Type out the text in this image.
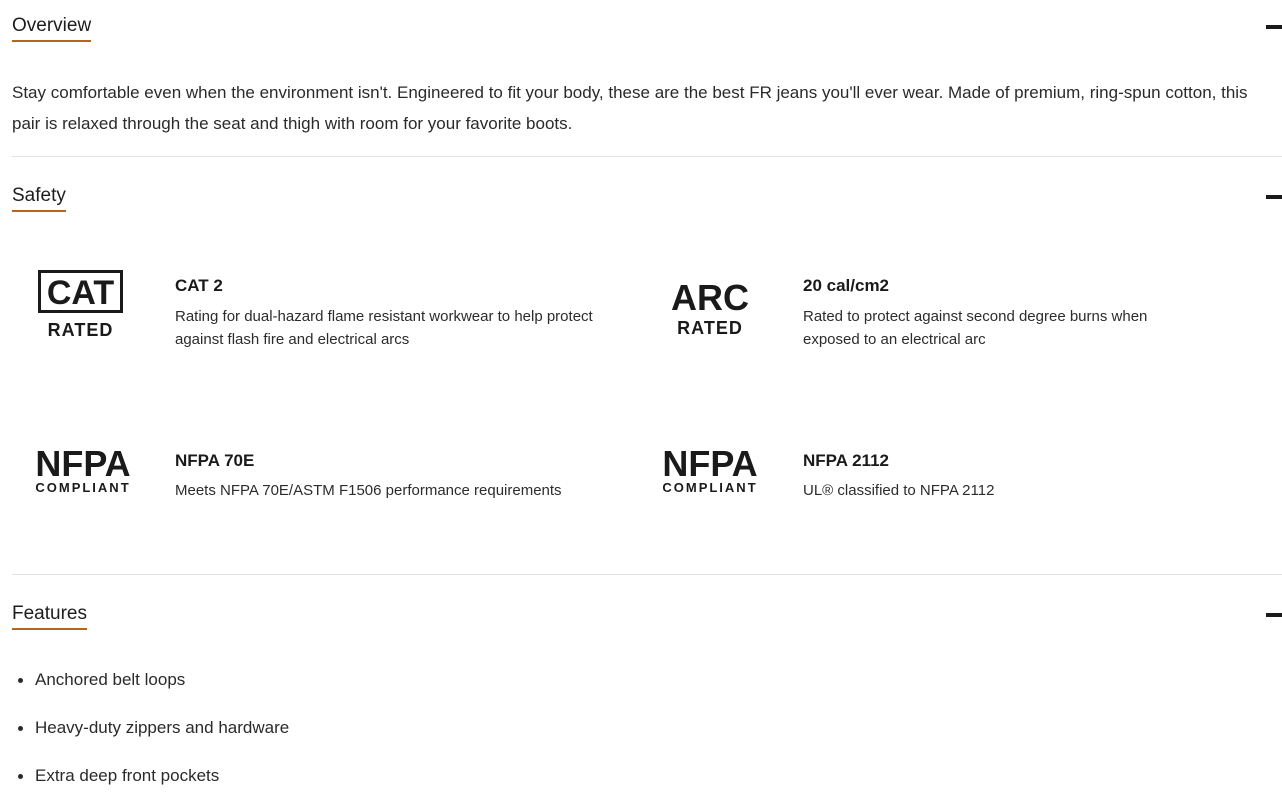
Overview
Stay comfortable even when the environment isn't. Engineered to fit your body, these are the best FR jeans you'll ever wear. Made of premium, ring-spun cotton, this pair is relaxed through the seat and thigh with room for your favorite boots.
Safety
CAT
RATED
CAT 2
Rating for dual-hazard flame resistant workwear to help protect against flash fire and electrical arcs
ARC
RATED
20 cal/cm2
Rated to protect against second degree burns when exposed to an electrical arc
NFPA
COMPLIANT
NFPA 70E
Meets NFPA 70E/ASTM F1506 performance requirements
NFPA
COMPLIANT
NFPA 2112
UL® classified to NFPA 2112
Features
Anchored belt loops
Heavy-duty zippers and hardware
Extra deep front pockets
